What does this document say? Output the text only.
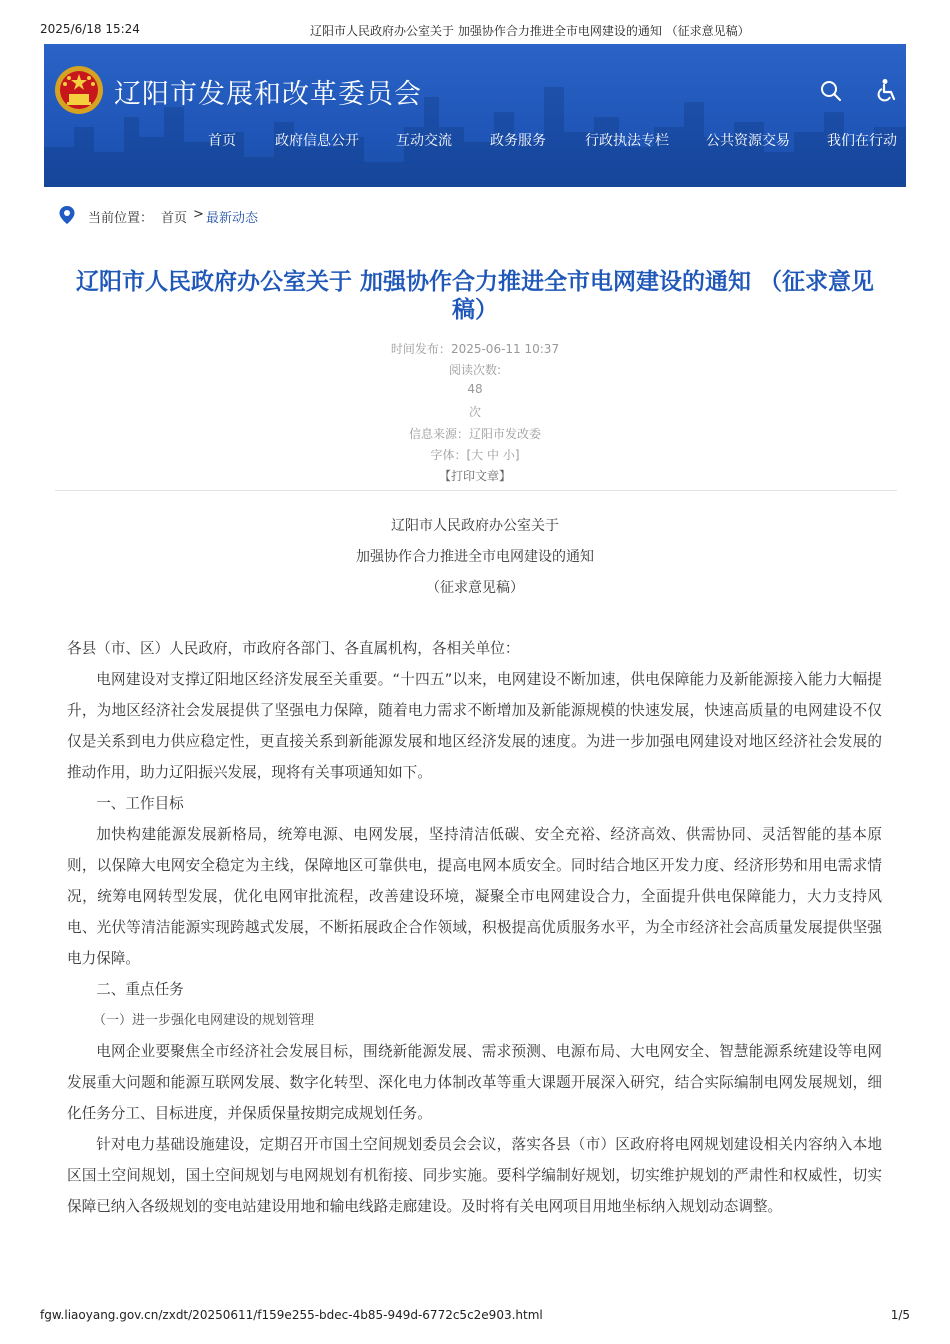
2025/6/18 15:24	辽阳市人民政府办公室关于 加强协作合力推进全市电网建设的通知 （征求意见稿）
辽阳市发展和改革委员会
首页	政府信息公开	互动交流	政务服务	行政执法专栏	公共资源交易	我们在行动
当前位置： 首页 > 最新动态
辽阳市人民政府办公室关于 加强协作合力推进全市电网建设的通知 （征求意见稿）
时间发布：2025-06-11 10:37
阅读次数:
48
次
信息来源：辽阳市发改委
字体：[大 中 小]
【打印文章】
辽阳市人民政府办公室关于
加强协作合力推进全市电网建设的通知
（征求意见稿）

各县（市、区）人民政府，市政府各部门、各直属机构，各相关单位：

电网建设对支撑辽阳地区经济发展至关重要。“十四五”以来，电网建设不断加速，供电保障能力及新能源接入能力大幅提升，为地区经济社会发展提供了坚强电力保障，随着电力需求不断增加及新能源规模的快速发展，快速高质量的电网建设不仅仅是关系到电力供应稳定性，更直接关系到新能源发展和地区经济发展的速度。为进一步加强电网建设对地区经济社会发展的推动作用，助力辽阳振兴发展，现将有关事项通知如下。

一、工作目标

加快构建能源发展新格局，统筹电源、电网发展，坚持清洁低碳、安全充裕、经济高效、供需协同、灵活智能的基本原则，以保障大电网安全稳定为主线，保障地区可靠供电，提高电网本质安全。同时结合地区开发力度、经济形势和用电需求情况，统筹电网转型发展，优化电网审批流程，改善建设环境，凝聚全市电网建设合力，全面提升供电保障能力，大力支持风电、光伏等清洁能源实现跨越式发展，不断拓展政企合作领域，积极提高优质服务水平，为全市经济社会高质量发展提供坚强电力保障。

二、重点任务

（一）进一步强化电网建设的规划管理

电网企业要聚焦全市经济社会发展目标，围绕新能源发展、需求预测、电源布局、大电网安全、智慧能源系统建设等电网发展重大问题和能源互联网发展、数字化转型、深化电力体制改革等重大课题开展深入研究，结合实际编制电网发展规划，细化任务分工、目标进度，并保质保量按期完成规划任务。

针对电力基础设施建设，定期召开市国土空间规划委员会会议，落实各县（市）区政府将电网规划建设相关内容纳入本地区国土空间规划，国土空间规划与电网规划有机衔接、同步实施。要科学编制好规划，切实维护规划的严肃性和权威性，切实保障已纳入各级规划的变电站建设用地和输电线路走廊建设。及时将有关电网项目用地坐标纳入规划动态调整。

fgw.liaoyang.gov.cn/zxdt/20250611/f159e255-bdec-4b85-949d-6772c5c2e903.html	1/5
